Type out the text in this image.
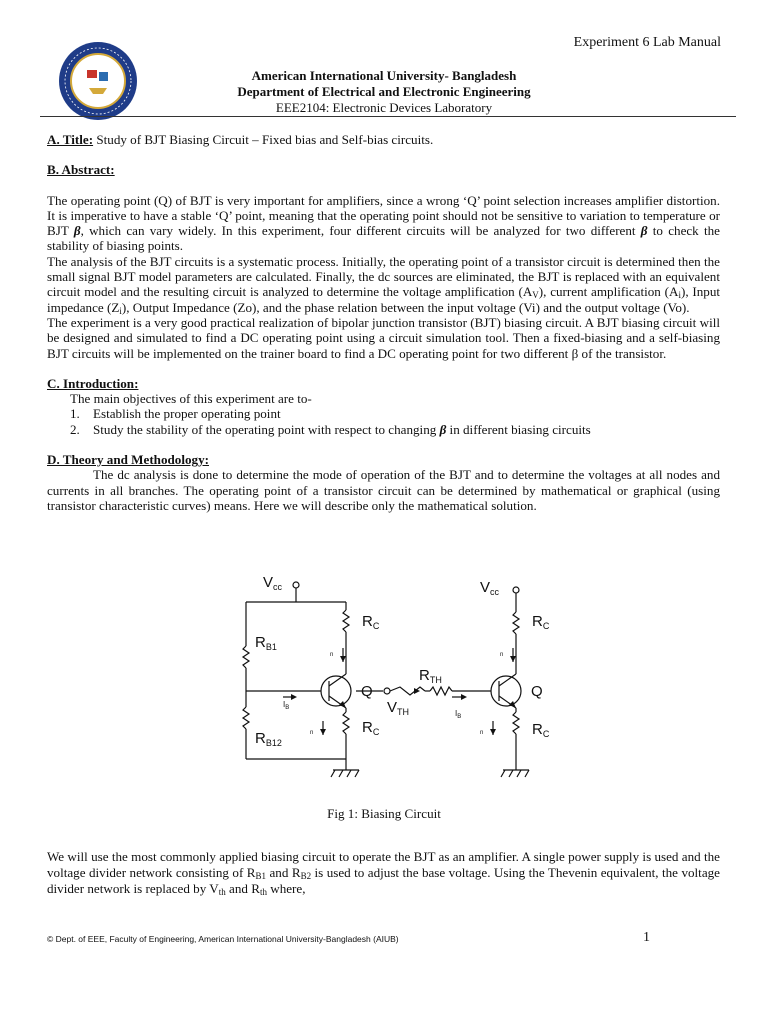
Experiment 6 Lab Manual
American International University- Bangladesh
Department of Electrical and Electronic Engineering
EEE2104: Electronic Devices Laboratory

A. Title: Study of BJT Biasing Circuit – Fixed bias and Self-bias circuits.

B. Abstract:

The operating point (Q) of BJT is very important for amplifiers, since a wrong ‘Q’ point selection increases amplifier distortion. It is imperative to have a stable ‘Q’ point, meaning that the operating point should not be sensitive to variation to temperature or BJT β, which can vary widely. In this experiment, four different circuits will be analyzed for two different β to check the stability of biasing points.

The analysis of the BJT circuits is a systematic process. Initially, the operating point of a transistor circuit is determined then the small signal BJT model parameters are calculated. Finally, the dc sources are eliminated, the BJT is replaced with an equivalent circuit model and the resulting circuit is analyzed to determine the voltage amplification $(A_V)$, current amplification $(A_i)$, Input impedance $(Z_i)$, Output Impedance (Zo), and the phase relation between the input voltage (Vi) and the output voltage (Vo).

The experiment is a very good practical realization of bipolar junction transistor (BJT) biasing circuit. A BJT biasing circuit will be designed and simulated to find a DC operating point using a circuit simulation tool. Then a fixed-biasing and a self-biasing BJT circuits will be implemented on the trainer board to find a DC operating point for two different β of the transistor.

C. Introduction:

The main objectives of this experiment are to-

1. Establish the proper operating point
2. Study the stability of the operating point with respect to changing β in different biasing circuits

D. Theory and Methodology:

The dc analysis is done to determine the mode of operation of the BJT and to determine the voltages at all nodes and currents in all branches. The operating point of a transistor circuit can be determined by mathematical or graphical (using transistor characteristic curves) means. Here we will describe only the mathematical solution.

$V_{cc}$
$R_C$
$R_{B1}$
$R_{B12}$
$R_C$
Q
$I_B$
n
n
$R_{TH}$
$V_{TH}$
$V_{cc}$
$R_C$
Q
$R_C$
$I_B$
n
n
Fig 1: Biasing Circuit

We will use the most commonly applied biasing circuit to operate the BJT as an amplifier. A single power supply is used and the voltage divider network consisting of $R_{B1}$ and $R_{B2}$ is used to adjust the base voltage. Using the Thevenin equivalent, the voltage divider network is replaced by $V_{th}$ and $R_{th}$ where,

© Dept. of EEE, Faculty of Engineering, American International University-Bangladesh (AIUB)	1
